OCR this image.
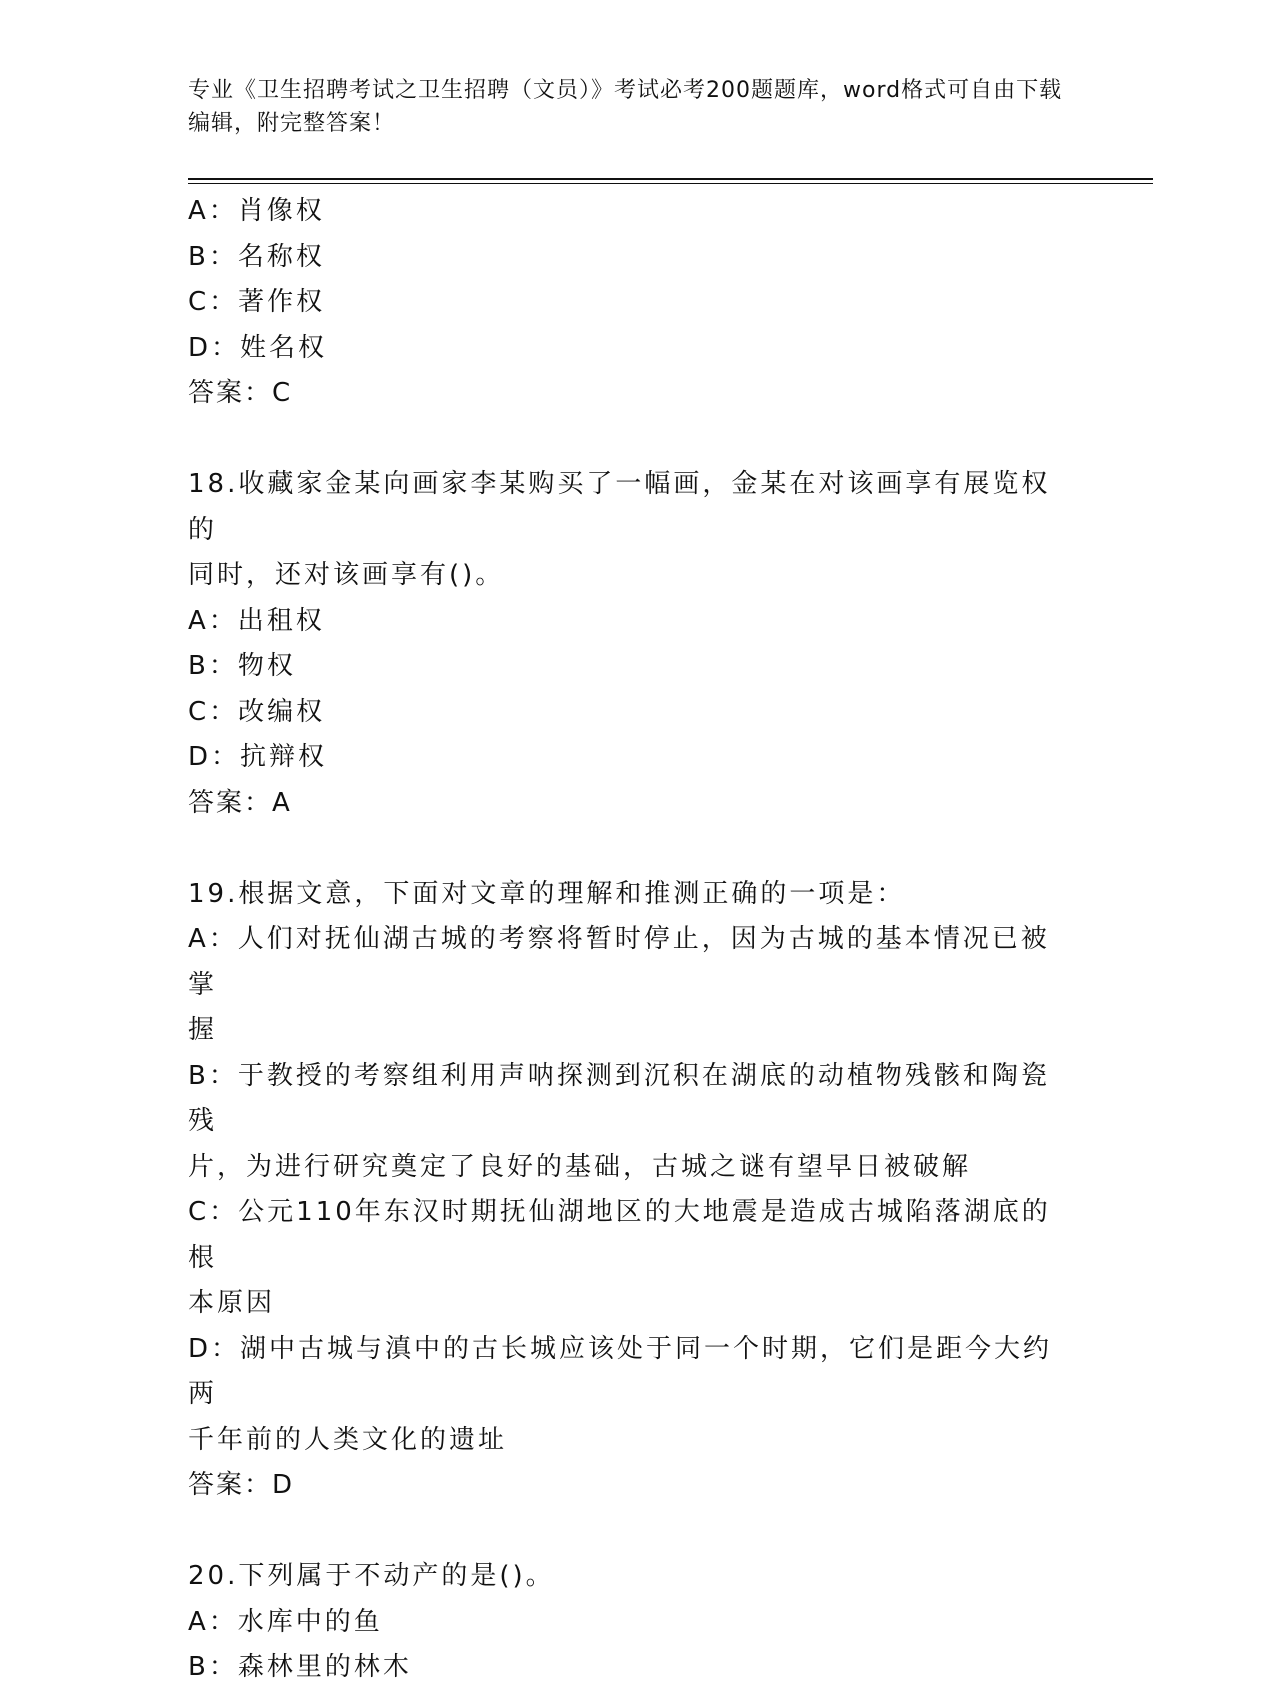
专业《卫生招聘考试之卫生招聘（文员）》考试必考200题题库，word格式可自由下载编辑，附完整答案！

A：肖像权

B：名称权

C：著作权

D：姓名权

答案：C

18.收藏家金某向画家李某购买了一幅画，金某在对该画享有展览权的

同时，还对该画享有()。

A：出租权

B：物权

C：改编权

D：抗辩权

答案：A

19.根据文意，下面对文章的理解和推测正确的一项是：

A：人们对抚仙湖古城的考察将暂时停止，因为古城的基本情况已被掌

握

B：于教授的考察组利用声呐探测到沉积在湖底的动植物残骸和陶瓷残

片，为进行研究奠定了良好的基础，古城之谜有望早日被破解

C：公元110年东汉时期抚仙湖地区的大地震是造成古城陷落湖底的根

本原因

D：湖中古城与滇中的古长城应该处于同一个时期，它们是距今大约两

千年前的人类文化的遗址

答案：D

20.下列属于不动产的是()。

A：水库中的鱼

B：森林里的林木
